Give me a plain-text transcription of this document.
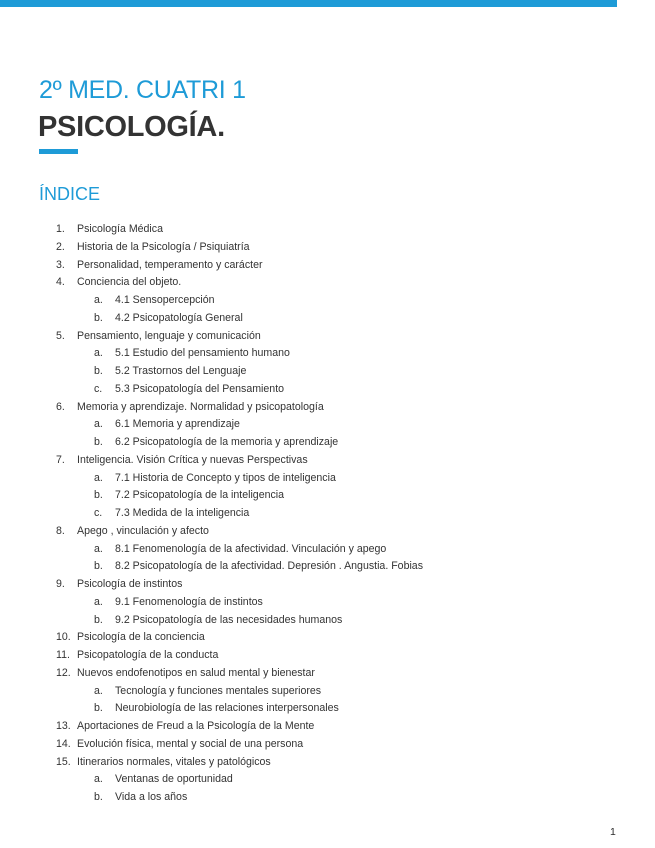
2º MED. CUATRI 1
PSICOLOGÍA.
ÍNDICE
1.	Psicología Médica
2.	Historia de la Psicología / Psiquiatría
3.	Personalidad, temperamento y carácter
4.	Conciencia del objeto.
a.	4.1 Sensopercepción
b.	4.2 Psicopatología General
5.	Pensamiento, lenguaje y comunicación
a.	5.1 Estudio del pensamiento humano
b.	5.2 Trastornos del Lenguaje
c.	5.3 Psicopatología del Pensamiento
6.	Memoria y aprendizaje. Normalidad y psicopatología
a.	6.1 Memoria y aprendizaje
b.	6.2 Psicopatología de la memoria y aprendizaje
7.	Inteligencia. Visión Crítica y nuevas Perspectivas
a.	7.1 Historia de Concepto y tipos de inteligencia
b.	7.2 Psicopatología de la inteligencia
c.	7.3 Medida de la inteligencia
8.	Apego , vinculación y afecto
a.	8.1 Fenomenología de la afectividad. Vinculación y apego
b.	8.2 Psicopatología de la afectividad. Depresión . Angustia. Fobias
9.	Psicología de instintos
a.	9.1 Fenomenología de instintos
b.	9.2 Psicopatología de las necesidades humanos
10. Psicología de la conciencia
11. Psicopatología de la conducta
12. Nuevos endofenotipos en salud mental y bienestar
a.	Tecnología y funciones mentales superiores
b.	Neurobiología de las relaciones interpersonales
13. Aportaciones de Freud a la Psicología de la Mente
14. Evolución física, mental y social de una persona
15. Itinerarios normales, vitales y patológicos
a.	Ventanas de oportunidad
b.	Vida a los años
1
